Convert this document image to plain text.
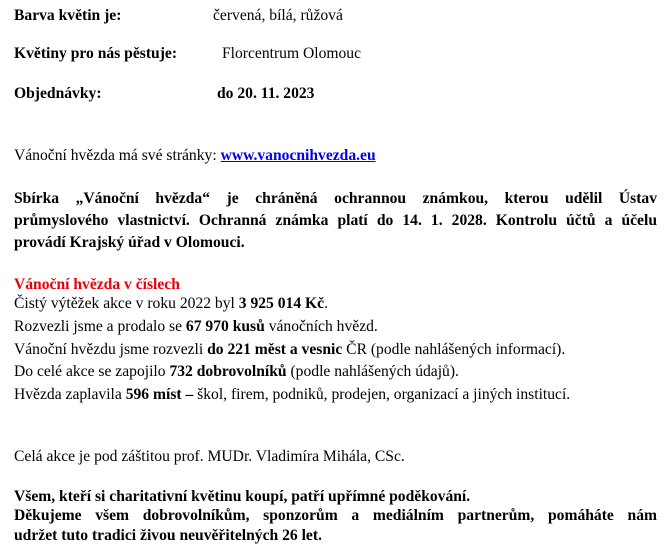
Barva květin je:	červená, bílá, růžová
Květiny pro nás pěstuje:	Florcentrum Olomouc
Objednávky:	do 20. 11. 2023
Vánoční hvězda má své stránky: www.vanocnihvezda.eu
Sbírka „Vánoční hvězda“ je chráněná ochrannou známkou, kterou udělil Ústav
průmyslového vlastnictví. Ochranná známka platí do 14. 1. 2028. Kontrolu účtů a účelu
provádí Krajský úřad v Olomouci.
Vánoční hvězda v číslech
Čistý výtěžek akce v roku 2022 byl 3 925 014 Kč.
Rozvezli jsme a prodalo se 67 970 kusů vánočních hvězd.
Vánoční hvězdu jsme rozvezli do 221 měst a vesnic ČR (podle nahlášených informací).
Do celé akce se zapojilo 732 dobrovolníků (podle nahlášených údajů).
Hvězda zaplavila 596 míst – škol, firem, podniků, prodejen, organizací a jiných institucí.
Celá akce je pod záštitou prof. MUDr. Vladimíra Mihála, CSc.
Všem, kteří si charitativní květinu koupí, patří upřímné poděkování.
Děkujeme všem dobrovolníkům, sponzorům a mediálním partnerům, pomáháte nám
udržet tuto tradici živou neuvěřitelných 26 let.
